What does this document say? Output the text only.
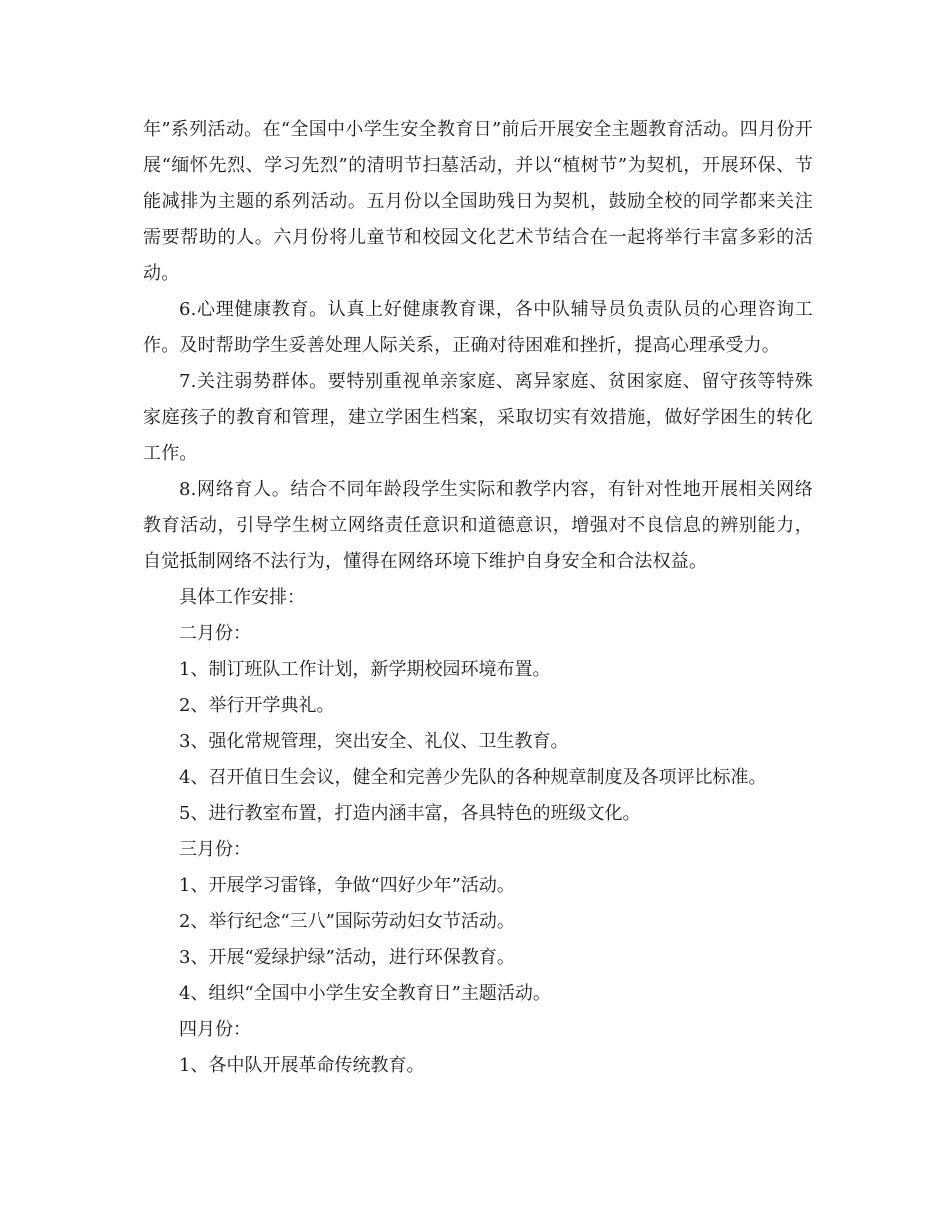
年”系列活动。在“全国中小学生安全教育日”前后开展安全主题教育活动。四月份开展“缅怀先烈、学习先烈”的清明节扫墓活动，并以“植树节”为契机，开展环保、节能减排为主题的系列活动。五月份以全国助残日为契机，鼓励全校的同学都来关注需要帮助的人。六月份将儿童节和校园文化艺术节结合在一起将举行丰富多彩的活动。

6.心理健康教育。认真上好健康教育课，各中队辅导员负责队员的心理咨询工作。及时帮助学生妥善处理人际关系，正确对待困难和挫折，提高心理承受力。

7.关注弱势群体。要特别重视单亲家庭、离异家庭、贫困家庭、留守孩等特殊家庭孩子的教育和管理，建立学困生档案，采取切实有效措施，做好学困生的转化工作。

8.网络育人。结合不同年龄段学生实际和教学内容，有针对性地开展相关网络教育活动，引导学生树立网络责任意识和道德意识，增强对不良信息的辨别能力，自觉抵制网络不法行为，懂得在网络环境下维护自身安全和合法权益。

具体工作安排：

二月份：

1、制订班队工作计划，新学期校园环境布置。

2、举行开学典礼。

3、强化常规管理，突出安全、礼仪、卫生教育。

4、召开值日生会议，健全和完善少先队的各种规章制度及各项评比标准。

5、进行教室布置，打造内涵丰富，各具特色的班级文化。

三月份：

1、开展学习雷锋，争做“四好少年”活动。

2、举行纪念“三八”国际劳动妇女节活动。

3、开展“爱绿护绿”活动，进行环保教育。

4、组织“全国中小学生安全教育日”主题活动。

四月份：

1、各中队开展革命传统教育。
